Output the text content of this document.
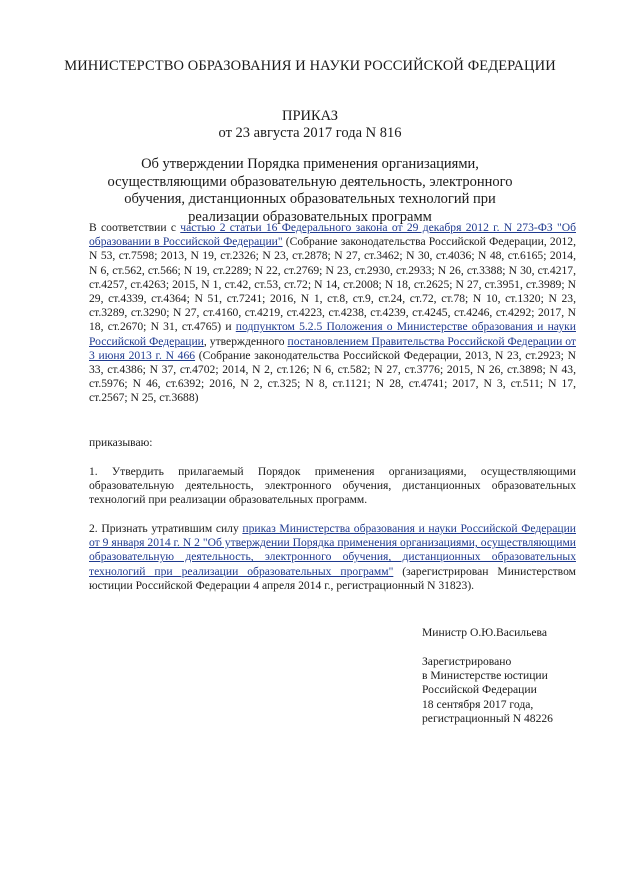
МИНИСТЕРСТВО ОБРАЗОВАНИЯ И НАУКИ РОССИЙСКОЙ ФЕДЕРАЦИИ
ПРИКАЗ
от 23 августа 2017 года N 816
Об утверждении Порядка применения организациями, осуществляющими образовательную деятельность, электронного обучения, дистанционных образовательных технологий при реализации образовательных программ
В соответствии с частью 2 статьи 16 Федерального закона от 29 декабря 2012 г. N 273-ФЗ "Об образовании в Российской Федерации" (Собрание законодательства Российской Федерации, 2012, N 53, ст.7598; 2013, N 19, ст.2326; N 23, ст.2878; N 27, ст.3462; N 30, ст.4036; N 48, ст.6165; 2014, N 6, ст.562, ст.566; N 19, ст.2289; N 22, ст.2769; N 23, ст.2930, ст.2933; N 26, ст.3388; N 30, ст.4217, ст.4257, ст.4263; 2015, N 1, ст.42, ст.53, ст.72; N 14, ст.2008; N 18, ст.2625; N 27, ст.3951, ст.3989; N 29, ст.4339, ст.4364; N 51, ст.7241; 2016, N 1, ст.8, ст.9, ст.24, ст.72, ст.78; N 10, ст.1320; N 23, ст.3289, ст.3290; N 27, ст.4160, ст.4219, ст.4223, ст.4238, ст.4239, ст.4245, ст.4246, ст.4292; 2017, N 18, ст.2670; N 31, ст.4765) и подпунктом 5.2.5 Положения о Министерстве образования и науки Российской Федерации, утвержденного постановлением Правительства Российской Федерации от 3 июня 2013 г. N 466 (Собрание законодательства Российской Федерации, 2013, N 23, ст.2923; N 33, ст.4386; N 37, ст.4702; 2014, N 2, ст.126; N 6, ст.582; N 27, ст.3776; 2015, N 26, ст.3898; N 43, ст.5976; N 46, ст.6392; 2016, N 2, ст.325; N 8, ст.1121; N 28, ст.4741; 2017, N 3, ст.511; N 17, ст.2567; N 25, ст.3688)
приказываю:
1. Утвердить прилагаемый Порядок применения организациями, осуществляющими образовательную деятельность, электронного обучения, дистанционных образовательных технологий при реализации образовательных программ.
2. Признать утратившим силу приказ Министерства образования и науки Российской Федерации от 9 января 2014 г. N 2 "Об утверждении Порядка применения организациями, осуществляющими образовательную деятельность, электронного обучения, дистанционных образовательных технологий при реализации образовательных программ" (зарегистрирован Министерством юстиции Российской Федерации 4 апреля 2014 г., регистрационный N 31823).
Министр О.Ю.Васильева
Зарегистрировано
в Министерстве юстиции
Российской Федерации
18 сентября 2017 года,
регистрационный N 48226
